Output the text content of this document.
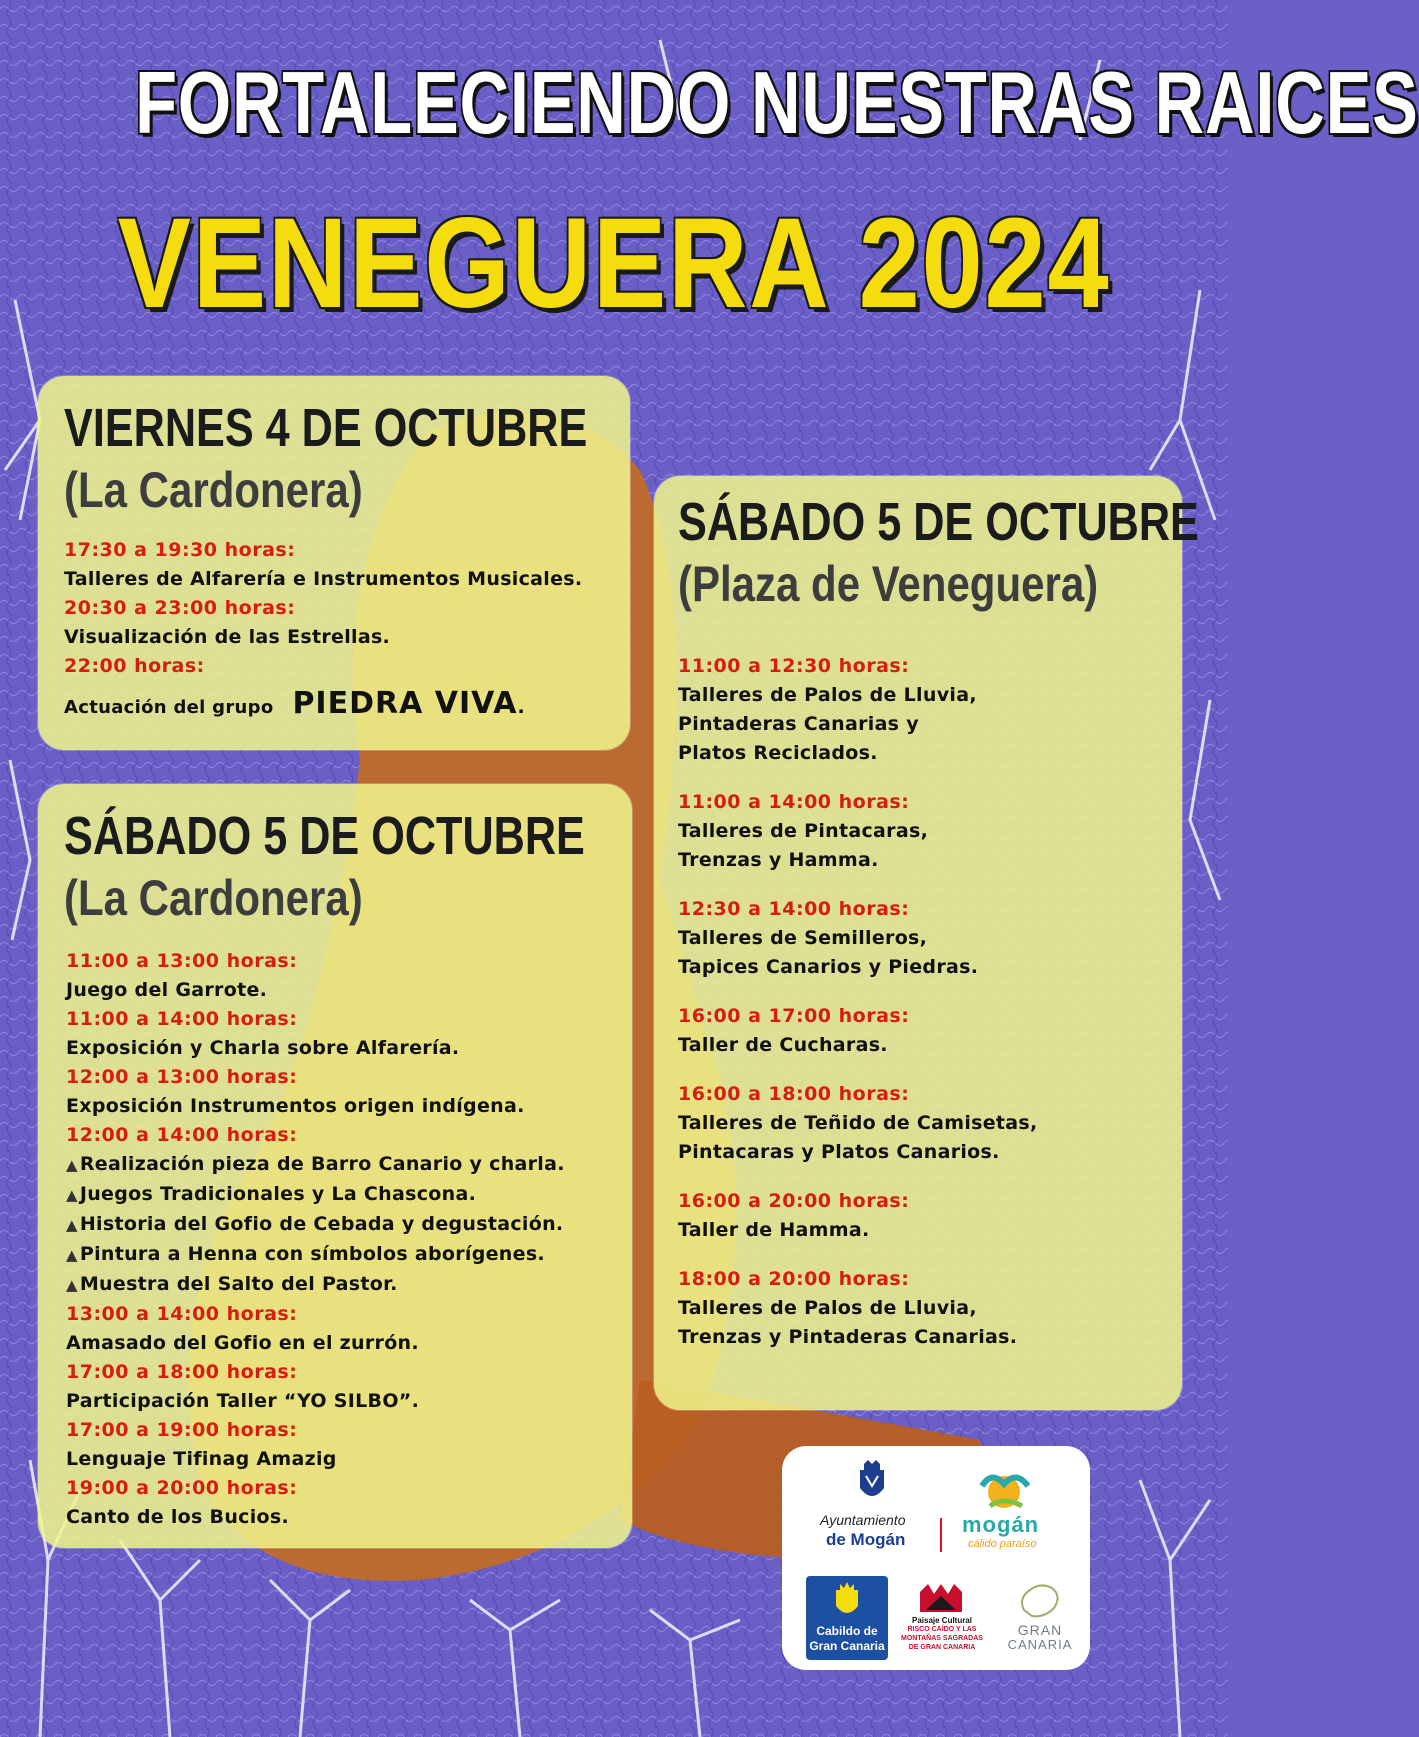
FORTALECIENDO NUESTRAS RAICES
VENEGUERA 2024
VIERNES 4 DE OCTUBRE
(La Cardonera)
17:30 a 19:30 horas:
Talleres de Alfarería e Instrumentos Musicales.
20:30 a 23:00 horas:
Visualización de las Estrellas.
22:00 horas:
Actuación del grupo PIEDRA VIVA.
SÁBADO 5 DE OCTUBRE
(La Cardonera)
11:00 a 13:00 horas:
Juego del Garrote.
11:00 a 14:00 horas:
Exposición y Charla sobre Alfarería.
12:00 a 13:00 horas:
Exposición Instrumentos origen indígena.
12:00 a 14:00 horas:
▲ Realización pieza de Barro Canario y charla.
▲ Juegos Tradicionales y La Chascona.
▲ Historia del Gofio de Cebada y degustación.
▲ Pintura a Henna con símbolos aborígenes.
▲ Muestra del Salto del Pastor.
13:00 a 14:00 horas:
Amasado del Gofio en el zurrón.
17:00 a 18:00 horas:
Participación Taller “YO SILBO”.
17:00 a 19:00 horas:
Lenguaje Tifinag Amazig
19:00 a 20:00 horas:
Canto de los Bucios.
SÁBADO 5 DE OCTUBRE
(Plaza de Veneguera)
11:00 a 12:30 horas:
Talleres de Palos de Lluvia,
Pintaderas Canarias y
Platos Reciclados.
11:00 a 14:00 horas:
Talleres de Pintacaras,
Trenzas y Hamma.
12:30 a 14:00 horas:
Talleres de Semilleros,
Tapices Canarios y Piedras.
16:00 a 17:00 horas:
Taller de Cucharas.
16:00 a 18:00 horas:
Talleres de Teñido de Camisetas,
Pintacaras y Platos Canarios.
16:00 a 20:00 horas:
Taller de Hamma.
18:00 a 20:00 horas:
Talleres de Palos de Lluvia,
Trenzas y Pintaderas Canarias.
Ayuntamiento
de Mogán
mogán
cálido paraíso
Cabildo de
Gran Canaria
Paisaje Cultural
RISCO CAÍDO Y LAS
MONTAÑAS SAGRADAS
DE GRAN CANARIA
GRAN
CANARIA
